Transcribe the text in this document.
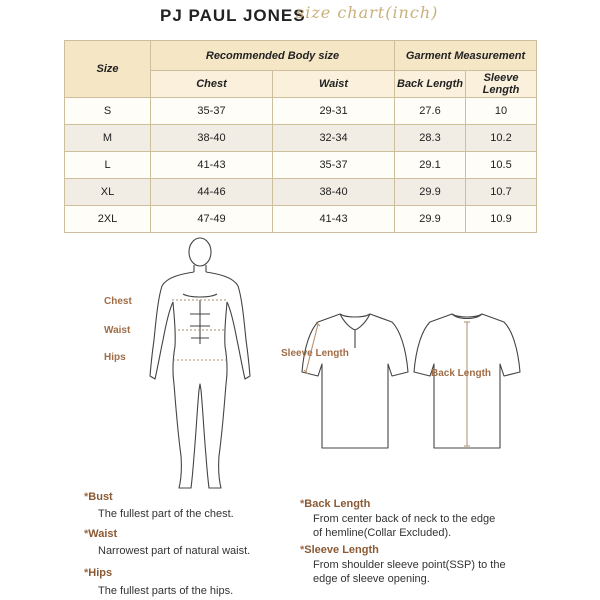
PJ PAUL JONES
size chart(inch)
Size	Recommended Body size		Garment Measurement	
	Chest	Waist	Back Length	Sleeve Length
S	35-37	29-31	27.6	10
M	38-40	32-34	28.3	10.2
L	41-43	35-37	29.1	10.5
XL	44-46	38-40	29.9	10.7
2XL	47-49	41-43	29.9	10.9
Chest
Waist
Hips	Sleeve Length
Back Length
*Bust
The fullest part of the chest.
*Waist
Narrowest part of natural waist.
*Hips
The fullest parts of the hips.
*Back Length
From center back of neck to the edge
of hemline(Collar Excluded).
*Sleeve Length
From shoulder sleeve point(SSP) to the
edge of sleeve opening.
